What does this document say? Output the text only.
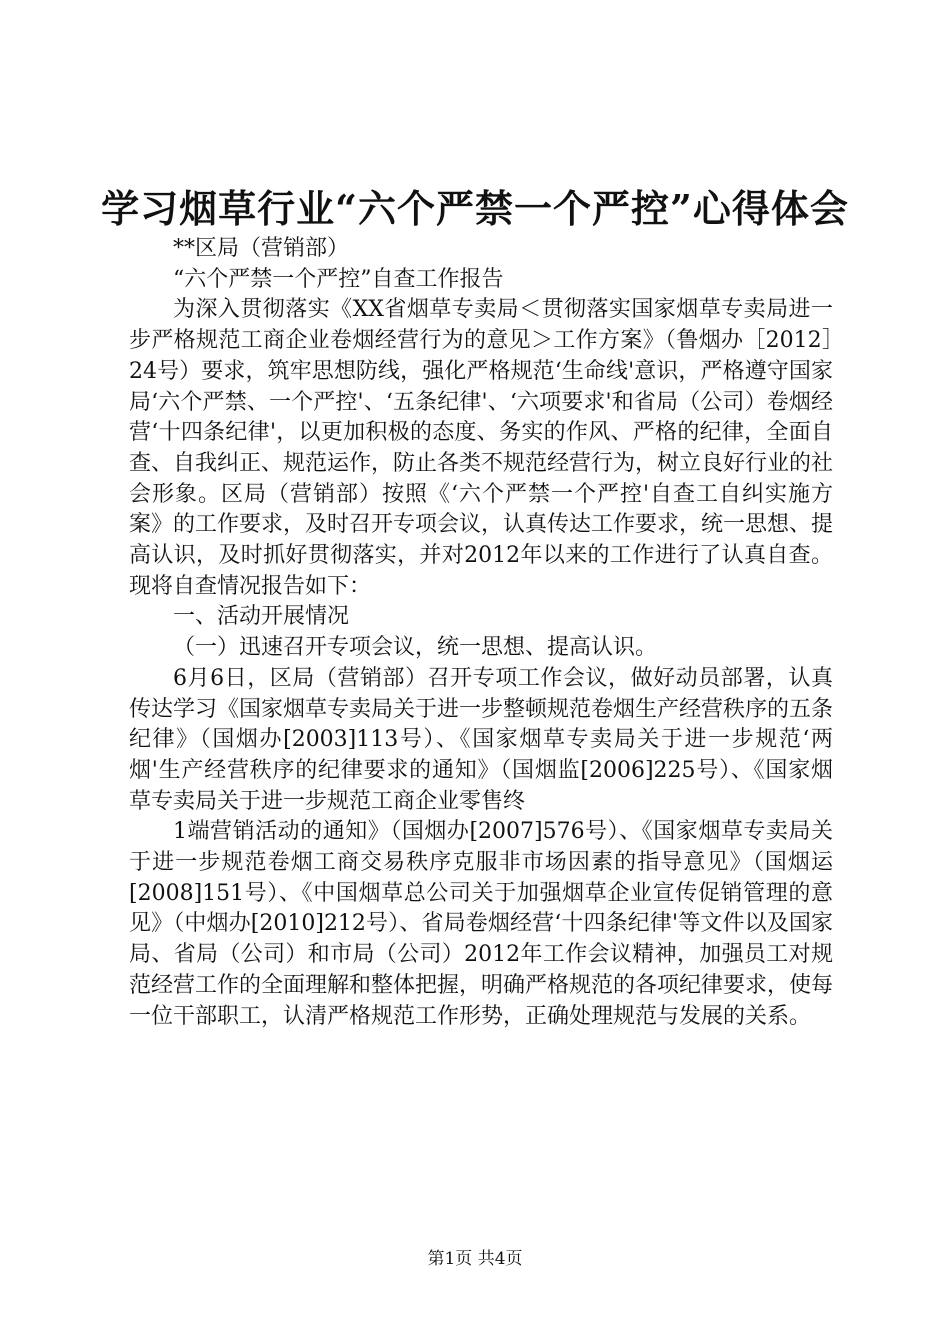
学习烟草行业“六个严禁一个严控”心得体会

**区局（营销部）

“六个严禁一个严控”自查工作报告

为深入贯彻落实《XX省烟草专卖局＜贯彻落实国家烟草专卖局进一步严格规范工商企业卷烟经营行为的意见＞工作方案》（鲁烟办［2012］24号）要求，筑牢思想防线，强化严格规范‘生命线'意识，严格遵守国家局‘六个严禁、一个严控'、‘五条纪律'、‘六项要求'和省局（公司）卷烟经营‘十四条纪律'，以更加积极的态度、务实的作风、严格的纪律，全面自查、自我纠正、规范运作，防止各类不规范经营行为，树立良好行业的社会形象。区局（营销部）按照《‘六个严禁一个严控'自查工自纠实施方案》的工作要求，及时召开专项会议，认真传达工作要求，统一思想、提高认识，及时抓好贯彻落实，并对2012年以来的工作进行了认真自查。现将自查情况报告如下：

一、活动开展情况

（一）迅速召开专项会议，统一思想、提高认识。

6月6日，区局（营销部）召开专项工作会议，做好动员部署，认真传达学习《国家烟草专卖局关于进一步整顿规范卷烟生产经营秩序的五条纪律》（国烟办[2003]113号）、《国家烟草专卖局关于进一步规范‘两烟'生产经营秩序的纪律要求的通知》（国烟监[2006]225号）、《国家烟草专卖局关于进一步规范工商企业零售终

1端营销活动的通知》（国烟办[2007]576号）、《国家烟草专卖局关于进一步规范卷烟工商交易秩序克服非市场因素的指导意见》（国烟运[2008]151号）、《中国烟草总公司关于加强烟草企业宣传促销管理的意见》（中烟办[2010]212号）、省局卷烟经营‘十四条纪律'等文件以及国家局、省局（公司）和市局（公司）2012年工作会议精神，加强员工对规范经营工作的全面理解和整体把握，明确严格规范的各项纪律要求，使每一位干部职工，认清严格规范工作形势，正确处理规范与发展的关系。

第1页 共4页
